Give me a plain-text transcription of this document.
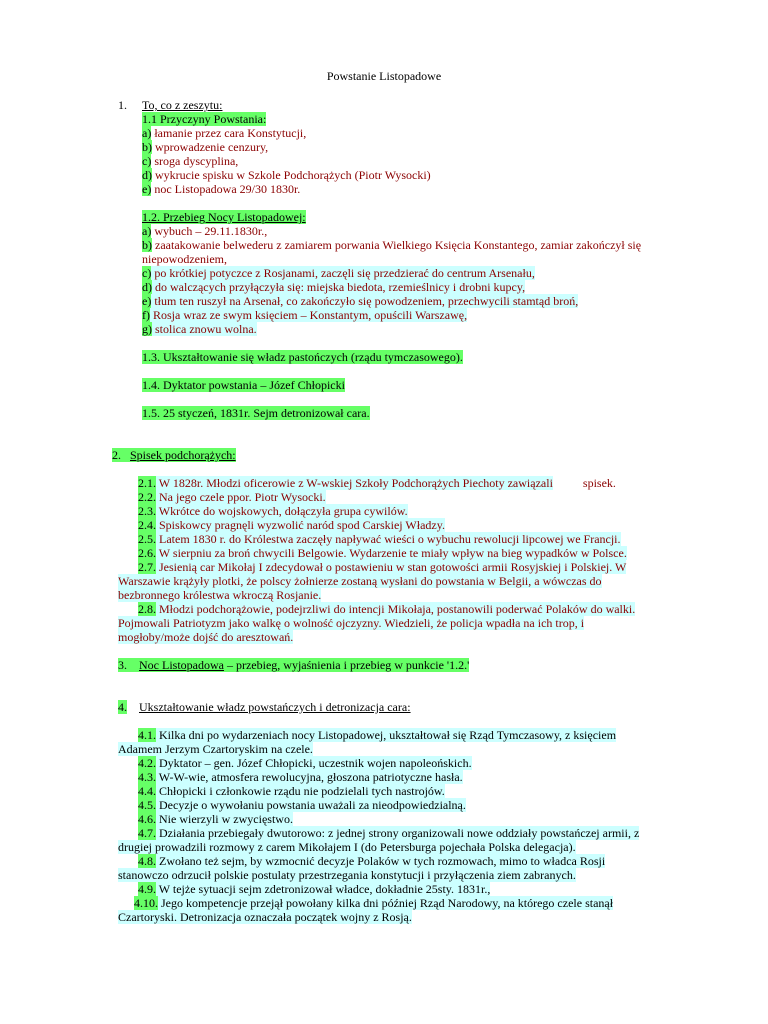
Powstanie Listopadowe
1. To, co z zeszytu:
1.1 Przyczyny Powstania:
a) łamanie przez cara Konstytucji,
b) wprowadzenie cenzury,
c) sroga dyscyplina,
d) wykrucie spisku w Szkole Podchorążych (Piotr Wysocki)
e) noc Listopadowa 29/30 1830r.
1.2. Przebieg Nocy Listopadowej:
a) wybuch – 29.11.1830r.,
b) zaatakowanie belwederu z zamiarem porwania Wielkiego Księcia Konstantego, zamiar zakończył się
niepowodzeniem,
c) po krótkiej potyczce z Rosjanami, zaczęli się przedzierać do centrum Arsenału,
d) do walczących przyłączyła się: miejska biedota, rzemieślnicy i drobni kupcy,
e) tłum ten ruszył na Arsenał, co zakończyło się powodzeniem, przechwycili stamtąd broń,
f) Rosja wraz ze swym księciem – Konstantym, opuścili Warszawę,
g) stolica znowu wolna.
1.3. Ukształtowanie się władz pastończych (rządu tymczasowego).
1.4. Dyktator powstania – Józef Chłopicki
1.5. 25 styczeń, 1831r. Sejm detronizował cara.
2. Spisek podchorążych:
2.1. W 1828r. Młodzi oficerowie z W-wskiej Szkoły Podchorążych Piechoty zawiązali	spisek.
2.2. Na jego czele ppor. Piotr Wysocki.
2.3. Wkrótce do wojskowych, dołączyła grupa cywilów.
2.4. Spiskowcy pragnęli wyzwolić naród spod Carskiej Władzy.
2.5. Latem 1830 r. do Królestwa zaczęły napływać wieści o wybuchu rewolucji lipcowej we Francji.
2.6. W sierpniu za broń chwycili Belgowie. Wydarzenie te miały wpływ na bieg wypadków w Polsce.
2.7. Jesienią car Mikołaj I zdecydował o postawieniu w stan gotowości armii Rosyjskiej i Polskiej. W
Warszawie krążyły plotki, że polscy żołnierze zostaną wysłani do powstania w Belgii, a wówczas do
bezbronnego królestwa wkroczą Rosjanie.
2.8. Młodzi podchorążowie, podejrzliwi do intencji Mikołaja, postanowili poderwać Polaków do walki.
Pojmowali Patriotyzm jako walkę o wolność ojczyzny. Wiedzieli, że policja wpadła na ich trop, i
mogłoby/może dojść do aresztowań.
3. Noc Listopadowa – przebieg, wyjaśnienia i przebieg w punkcie '1.2.'
4. Ukształtowanie władz powstańczych i detronizacja cara:
4.1. Kilka dni po wydarzeniach nocy Listopadowej, ukształtował się Rząd Tymczasowy, z księciem
Adamem Jerzym Czartoryskim na czele.
4.2. Dyktator – gen. Józef Chłopicki, uczestnik wojen napoleońskich.
4.3. W-W-wie, atmosfera rewolucyjna, głoszona patriotyczne hasła.
4.4. Chłopicki i członkowie rządu nie podzielali tych nastrojów.
4.5. Decyzje o wywołaniu powstania uważali za nieodpowiedzialną.
4.6. Nie wierzyli w zwycięstwo.
4.7. Działania przebiegały dwutorowo: z jednej strony organizowali nowe oddziały powstańczej armii, z
drugiej prowadzili rozmowy z carem Mikołajem I (do Petersburga pojechała Polska delegacja).
4.8. Zwołano też sejm, by wzmocnić decyzje Polaków w tych rozmowach, mimo to władca Rosji
stanowczo odrzucił polskie postulaty przestrzegania konstytucji i przyłączenia ziem zabranych.
4.9. W tejże sytuacji sejm zdetronizował władce, dokładnie 25sty. 1831r.,
4.10. Jego kompetencje przejął powołany kilka dni później Rząd Narodowy, na którego czele stanął
Czartoryski. Detronizacja oznaczała początek wojny z Rosją.
